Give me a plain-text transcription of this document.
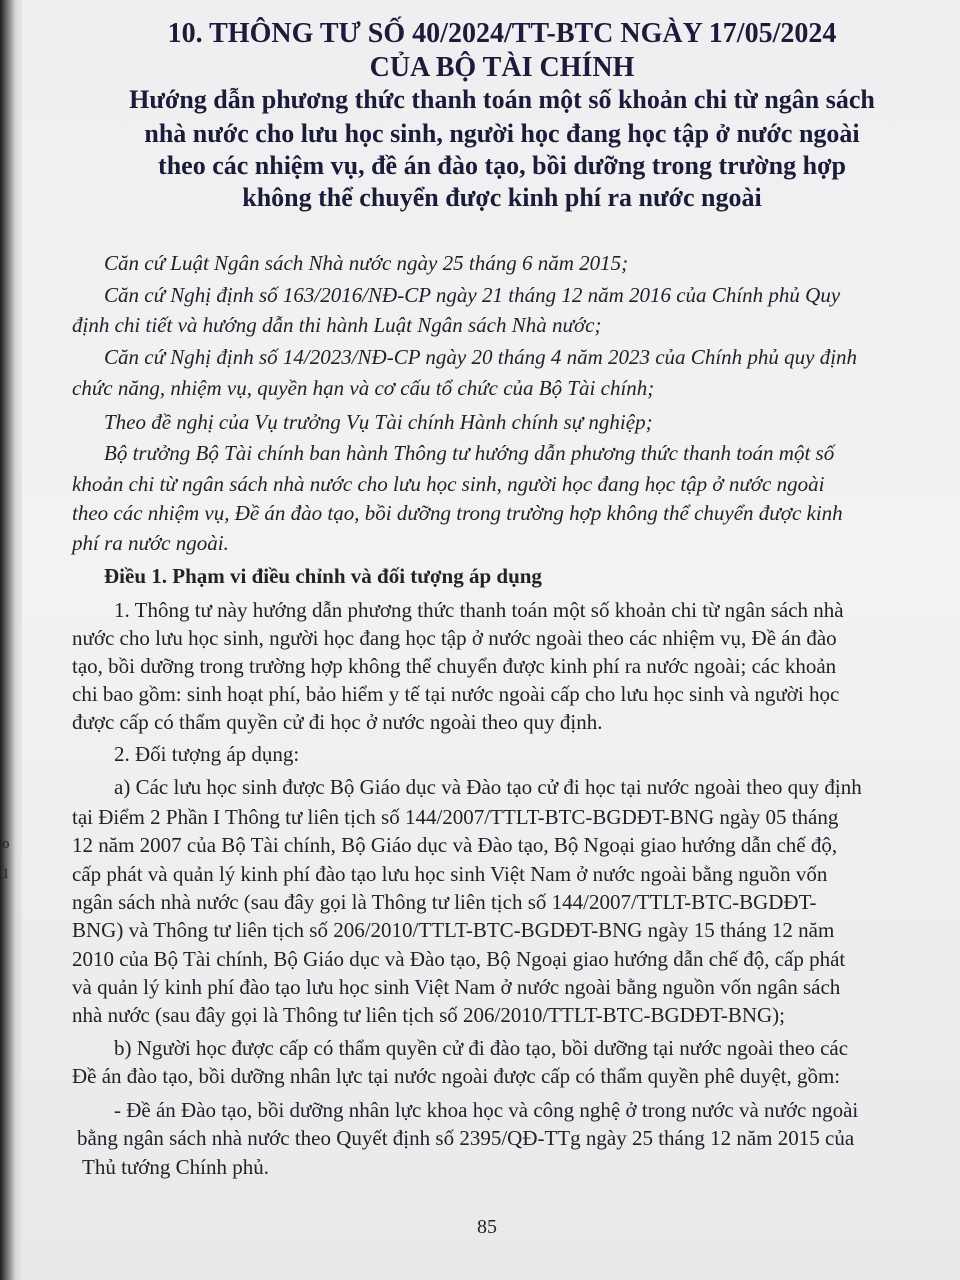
o
1
10. THÔNG TƯ SỐ 40/2024/TT-BTC NGÀY 17/05/2024
CỦA BỘ TÀI CHÍNH
Hướng dẫn phương thức thanh toán một số khoản chi từ ngân sách
nhà nước cho lưu học sinh, người học đang học tập ở nước ngoài
theo các nhiệm vụ, đề án đào tạo, bồi dưỡng trong trường hợp
không thể chuyển được kinh phí ra nước ngoài
Căn cứ Luật Ngân sách Nhà nước ngày 25 tháng 6 năm 2015;
Căn cứ Nghị định số 163/2016/NĐ-CP ngày 21 tháng 12 năm 2016 của Chính phủ Quy
định chi tiết và hướng dẫn thi hành Luật Ngân sách Nhà nước;
Căn cứ Nghị định số 14/2023/NĐ-CP ngày 20 tháng 4 năm 2023 của Chính phủ quy định
chức năng, nhiệm vụ, quyền hạn và cơ cấu tổ chức của Bộ Tài chính;
Theo đề nghị của Vụ trưởng Vụ Tài chính Hành chính sự nghiệp;
Bộ trưởng Bộ Tài chính ban hành Thông tư hướng dẫn phương thức thanh toán một số
khoản chi từ ngân sách nhà nước cho lưu học sinh, người học đang học tập ở nước ngoài
theo các nhiệm vụ, Đề án đào tạo, bồi dưỡng trong trường hợp không thể chuyển được kinh
phí ra nước ngoài.
Điều 1. Phạm vi điều chỉnh và đối tượng áp dụng
1. Thông tư này hướng dẫn phương thức thanh toán một số khoản chi từ ngân sách nhà
nước cho lưu học sinh, người học đang học tập ở nước ngoài theo các nhiệm vụ, Đề án đào
tạo, bồi dưỡng trong trường hợp không thể chuyển được kinh phí ra nước ngoài; các khoản
chi bao gồm: sinh hoạt phí, bảo hiểm y tế tại nước ngoài cấp cho lưu học sinh và người học
được cấp có thẩm quyền cử đi học ở nước ngoài theo quy định.
2. Đối tượng áp dụng:
a) Các lưu học sinh được Bộ Giáo dục và Đào tạo cử đi học tại nước ngoài theo quy định
tại Điểm 2 Phần I Thông tư liên tịch số 144/2007/TTLT-BTC-BGDĐT-BNG ngày 05 tháng
12 năm 2007 của Bộ Tài chính, Bộ Giáo dục và Đào tạo, Bộ Ngoại giao hướng dẫn chế độ,
cấp phát và quản lý kinh phí đào tạo lưu học sinh Việt Nam ở nước ngoài bằng nguồn vốn
ngân sách nhà nước (sau đây gọi là Thông tư liên tịch số 144/2007/TTLT-BTC-BGDĐT-
BNG) và Thông tư liên tịch số 206/2010/TTLT-BTC-BGDĐT-BNG ngày 15 tháng 12 năm
2010 của Bộ Tài chính, Bộ Giáo dục và Đào tạo, Bộ Ngoại giao hướng dẫn chế độ, cấp phát
và quản lý kinh phí đào tạo lưu học sinh Việt Nam ở nước ngoài bằng nguồn vốn ngân sách
nhà nước (sau đây gọi là Thông tư liên tịch số 206/2010/TTLT-BTC-BGDĐT-BNG);
b) Người học được cấp có thẩm quyền cử đi đào tạo, bồi dưỡng tại nước ngoài theo các
Đề án đào tạo, bồi dưỡng nhân lực tại nước ngoài được cấp có thẩm quyền phê duyệt, gồm:
- Đề án Đào tạo, bồi dưỡng nhân lực khoa học và công nghệ ở trong nước và nước ngoài
bằng ngân sách nhà nước theo Quyết định số 2395/QĐ-TTg ngày 25 tháng 12 năm 2015 của
Thủ tướng Chính phủ.
85
